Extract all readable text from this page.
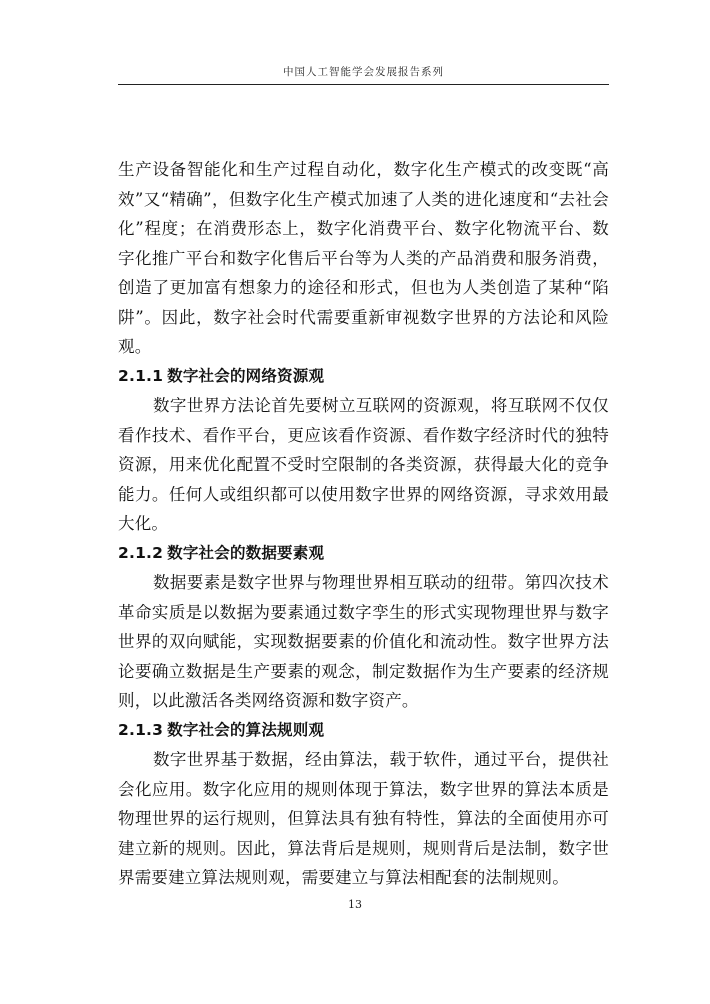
中国人工智能学会发展报告系列

生产设备智能化和生产过程自动化，数字化生产模式的改变既“高效”又“精确”，但数字化生产模式加速了人类的进化速度和“去社会化”程度；在消费形态上，数字化消费平台、数字化物流平台、数字化推广平台和数字化售后平台等为人类的产品消费和服务消费，创造了更加富有想象力的途径和形式，但也为人类创造了某种“陷阱”。因此，数字社会时代需要重新审视数字世界的方法论和风险观。

2.1.1 数字社会的网络资源观

数字世界方法论首先要树立互联网的资源观，将互联网不仅仅看作技术、看作平台，更应该看作资源、看作数字经济时代的独特资源，用来优化配置不受时空限制的各类资源，获得最大化的竞争能力。任何人或组织都可以使用数字世界的网络资源，寻求效用最大化。

2.1.2 数字社会的数据要素观

数据要素是数字世界与物理世界相互联动的纽带。第四次技术革命实质是以数据为要素通过数字孪生的形式实现物理世界与数字世界的双向赋能，实现数据要素的价值化和流动性。数字世界方法论要确立数据是生产要素的观念，制定数据作为生产要素的经济规则，以此激活各类网络资源和数字资产。

2.1.3 数字社会的算法规则观

数字世界基于数据，经由算法，载于软件，通过平台，提供社会化应用。数字化应用的规则体现于算法，数字世界的算法本质是物理世界的运行规则，但算法具有独有特性，算法的全面使用亦可建立新的规则。因此，算法背后是规则，规则背后是法制，数字世界需要建立算法规则观，需要建立与算法相配套的法制规则。

13
